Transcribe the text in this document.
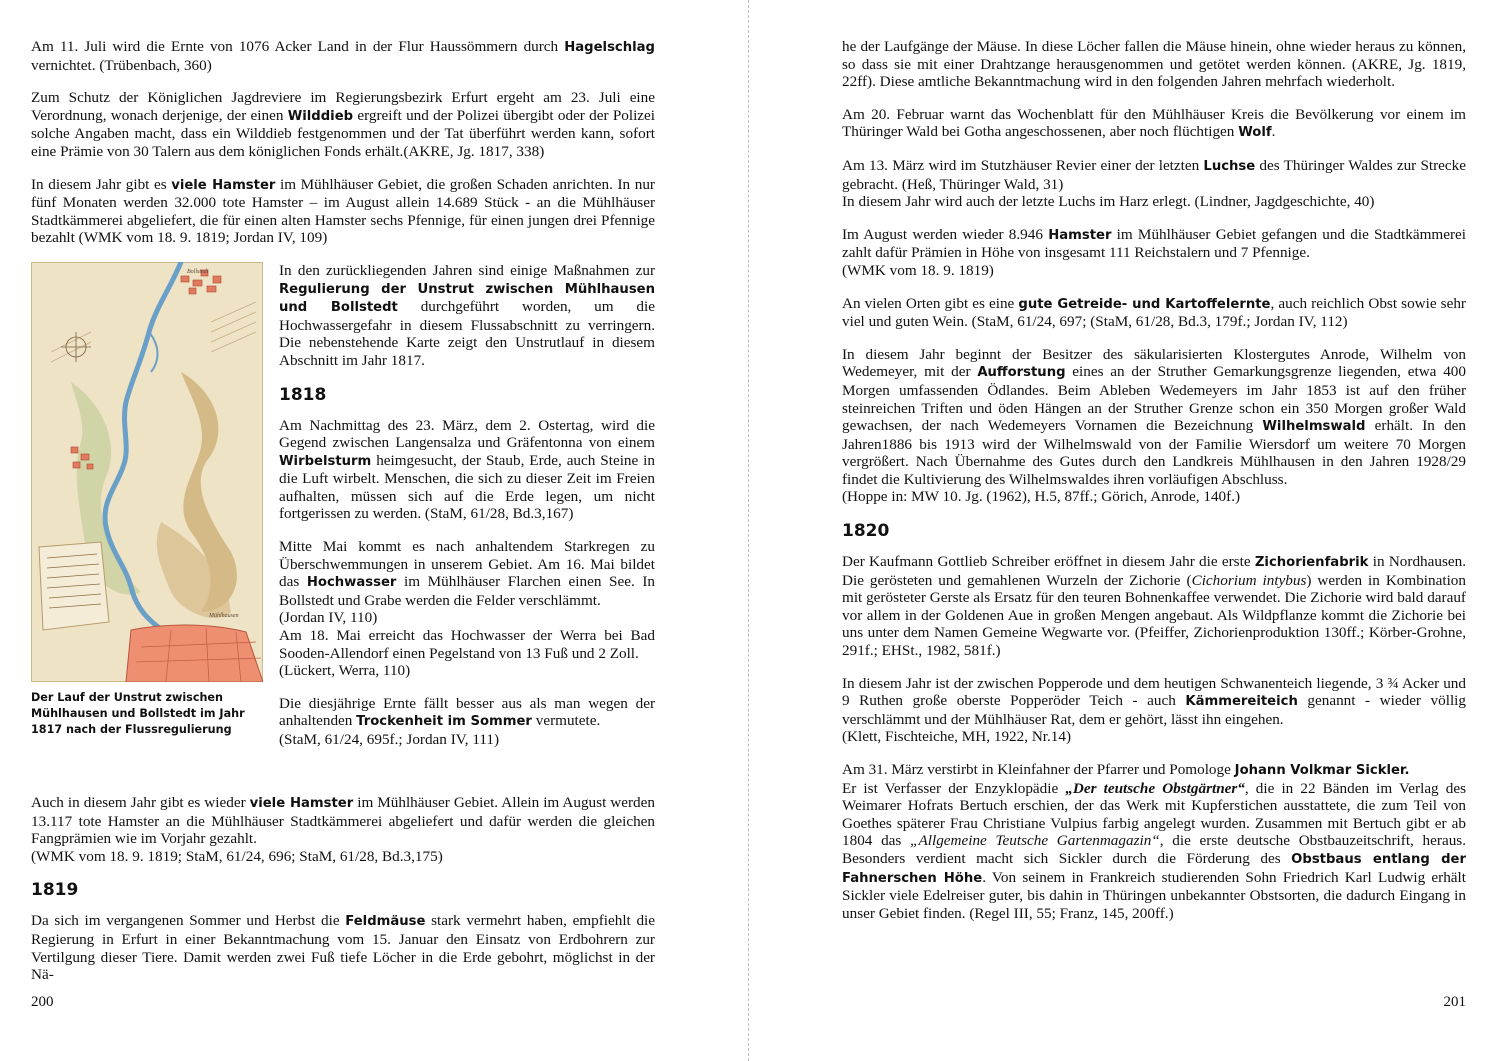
Am 11. Juli wird die Ernte von 1076 Acker Land in der Flur Haussömmern durch Hagelschlag vernichtet. (Trübenbach, 360)

Zum Schutz der Königlichen Jagdreviere im Regierungsbezirk Erfurt ergeht am 23. Juli eine Verordnung, wonach derjenige, der einen Wilddieb ergreift und der Polizei übergibt oder der Polizei solche Angaben macht, dass ein Wilddieb festgenommen und der Tat überführt werden kann, sofort eine Prämie von 30 Talern aus dem königlichen Fonds erhält.(AKRE, Jg. 1817, 338)

In diesem Jahr gibt es viele Hamster im Mühlhäuser Gebiet, die großen Schaden anrichten. In nur fünf Monaten werden 32.000 tote Hamster – im August allein 14.689 Stück - an die Mühlhäuser Stadtkämmerei abgeliefert, die für einen alten Hamster sechs Pfennige, für einen jungen drei Pfennige bezahlt (WMK vom 18. 9. 1819; Jordan IV, 109)

Bollstedt
Mühlhausen
Der Lauf der Unstrut zwischen Mühlhausen und Bollstedt im Jahr 1817 nach der Flussregulierung

In den zurückliegenden Jahren sind einige Maßnahmen zur Regulierung der Unstrut zwischen Mühlhausen und Bollstedt durchgeführt worden, um die Hochwassergefahr in diesem Flussabschnitt zu verringern. Die nebenstehende Karte zeigt den Unstrutlauf in diesem Abschnitt im Jahr 1817.

1818

Am Nachmittag des 23. März, dem 2. Ostertag, wird die Gegend zwischen Langensalza und Gräfentonna von einem Wirbelsturm heimgesucht, der Staub, Erde, auch Steine in die Luft wirbelt. Menschen, die sich zu dieser Zeit im Freien aufhalten, müssen sich auf die Erde legen, um nicht fortgerissen zu werden. (StaM, 61/28, Bd.3,167)

Mitte Mai kommt es nach anhaltendem Starkregen zu Überschwemmungen in unserem Gebiet. Am 16. Mai bildet das Hochwasser im Mühlhäuser Flarchen einen See. In Bollstedt und Grabe werden die Felder verschlämmt.
(Jordan IV, 110)

Am 18. Mai erreicht das Hochwasser der Werra bei Bad Sooden-Allendorf einen Pegelstand von 13 Fuß und 2 Zoll.
(Lückert, Werra, 110)

Die diesjährige Ernte fällt besser aus als man wegen der anhaltenden Trockenheit im Sommer vermutete.
(StaM, 61/24, 695f.; Jordan IV, 111)

Auch in diesem Jahr gibt es wieder viele Hamster im Mühlhäuser Gebiet. Allein im August werden 13.117 tote Hamster an die Mühlhäuser Stadtkämmerei abgeliefert und dafür werden die gleichen Fangprämien wie im Vorjahr gezahlt.
(WMK vom 18. 9. 1819; StaM, 61/24, 696; StaM, 61/28, Bd.3,175)

1819

Da sich im vergangenen Sommer und Herbst die Feldmäuse stark vermehrt haben, empfiehlt die Regierung in Erfurt in einer Bekanntmachung vom 15. Januar den Einsatz von Erdbohrern zur Vertilgung dieser Tiere. Damit werden zwei Fuß tiefe Löcher in die Erde gebohrt, möglichst in der Nä-

200

he der Laufgänge der Mäuse. In diese Löcher fallen die Mäuse hinein, ohne wieder heraus zu können, so dass sie mit einer Drahtzange herausgenommen und getötet werden können. (AKRE, Jg. 1819, 22ff). Diese amtliche Bekanntmachung wird in den folgenden Jahren mehrfach wiederholt.

Am 20. Februar warnt das Wochenblatt für den Mühlhäuser Kreis die Bevölkerung vor einem im Thüringer Wald bei Gotha angeschossenen, aber noch flüchtigen Wolf.

Am 13. März wird im Stutzhäuser Revier einer der letzten Luchse des Thüringer Waldes zur Strecke gebracht. (Heß, Thüringer Wald, 31)
In diesem Jahr wird auch der letzte Luchs im Harz erlegt. (Lindner, Jagdgeschichte, 40)

Im August werden wieder 8.946 Hamster im Mühlhäuser Gebiet gefangen und die Stadtkämmerei zahlt dafür Prämien in Höhe von insgesamt 111 Reichstalern und 7 Pfennige.
(WMK vom 18. 9. 1819)

An vielen Orten gibt es eine gute Getreide- und Kartoffelernte, auch reichlich Obst sowie sehr viel und guten Wein. (StaM, 61/24, 697; (StaM, 61/28, Bd.3, 179f.; Jordan IV, 112)

In diesem Jahr beginnt der Besitzer des säkularisierten Klostergutes Anrode, Wilhelm von Wedemeyer, mit der Aufforstung eines an der Struther Gemarkungsgrenze liegenden, etwa 400 Morgen umfassenden Ödlandes. Beim Ableben Wedemeyers im Jahr 1853 ist auf den früher steinreichen Triften und öden Hängen an der Struther Grenze schon ein 350 Morgen großer Wald gewachsen, der nach Wedemeyers Vornamen die Bezeichnung Wilhelmswald erhält. In den Jahren1886 bis 1913 wird der Wilhelmswald von der Familie Wiersdorf um weitere 70 Morgen vergrößert. Nach Übernahme des Gutes durch den Landkreis Mühlhausen in den Jahren 1928/29 findet die Kultivierung des Wilhelmswaldes ihren vorläufigen Abschluss.
(Hoppe in: MW 10. Jg. (1962), H.5, 87ff.; Görich, Anrode, 140f.)

1820

Der Kaufmann Gottlieb Schreiber eröffnet in diesem Jahr die erste Zichorienfabrik in Nordhausen. Die gerösteten und gemahlenen Wurzeln der Zichorie (Cichorium intybus) werden in Kombination mit gerösteter Gerste als Ersatz für den teuren Bohnenkaffee verwendet. Die Zichorie wird bald darauf vor allem in der Goldenen Aue in großen Mengen angebaut. Als Wildpflanze kommt die Zichorie bei uns unter dem Namen Gemeine Wegwarte vor. (Pfeiffer, Zichorienproduktion 130ff.; Körber-Grohne, 291f.; EHSt., 1982, 581f.)

In diesem Jahr ist der zwischen Popperode und dem heutigen Schwanenteich liegende, 3 ¾ Acker und 9 Ruthen große oberste Popperöder Teich - auch Kämmereiteich genannt - wieder völlig verschlämmt und der Mühlhäuser Rat, dem er gehört, lässt ihn eingehen.
(Klett, Fischteiche, MH, 1922, Nr.14)

Am 31. März verstirbt in Kleinfahner der Pfarrer und Pomologe Johann Volkmar Sickler.
Er ist Verfasser der Enzyklopädie „Der teutsche Obstgärtner“, die in 22 Bänden im Verlag des Weimarer Hofrats Bertuch erschien, der das Werk mit Kupferstichen ausstattete, die zum Teil von Goethes späterer Frau Christiane Vulpius farbig angelegt wurden. Zusammen mit Bertuch gibt er ab 1804 das „Allgemeine Teutsche Gartenmagazin“, die erste deutsche Obstbauzeitschrift, heraus. Besonders verdient macht sich Sickler durch die Förderung des Obstbaus entlang der Fahnerschen Höhe. Von seinem in Frankreich studierenden Sohn Friedrich Karl Ludwig erhält Sickler viele Edelreiser guter, bis dahin in Thüringen unbekannter Obstsorten, die dadurch Eingang in unser Gebiet finden. (Regel III, 55; Franz, 145, 200ff.)

201
